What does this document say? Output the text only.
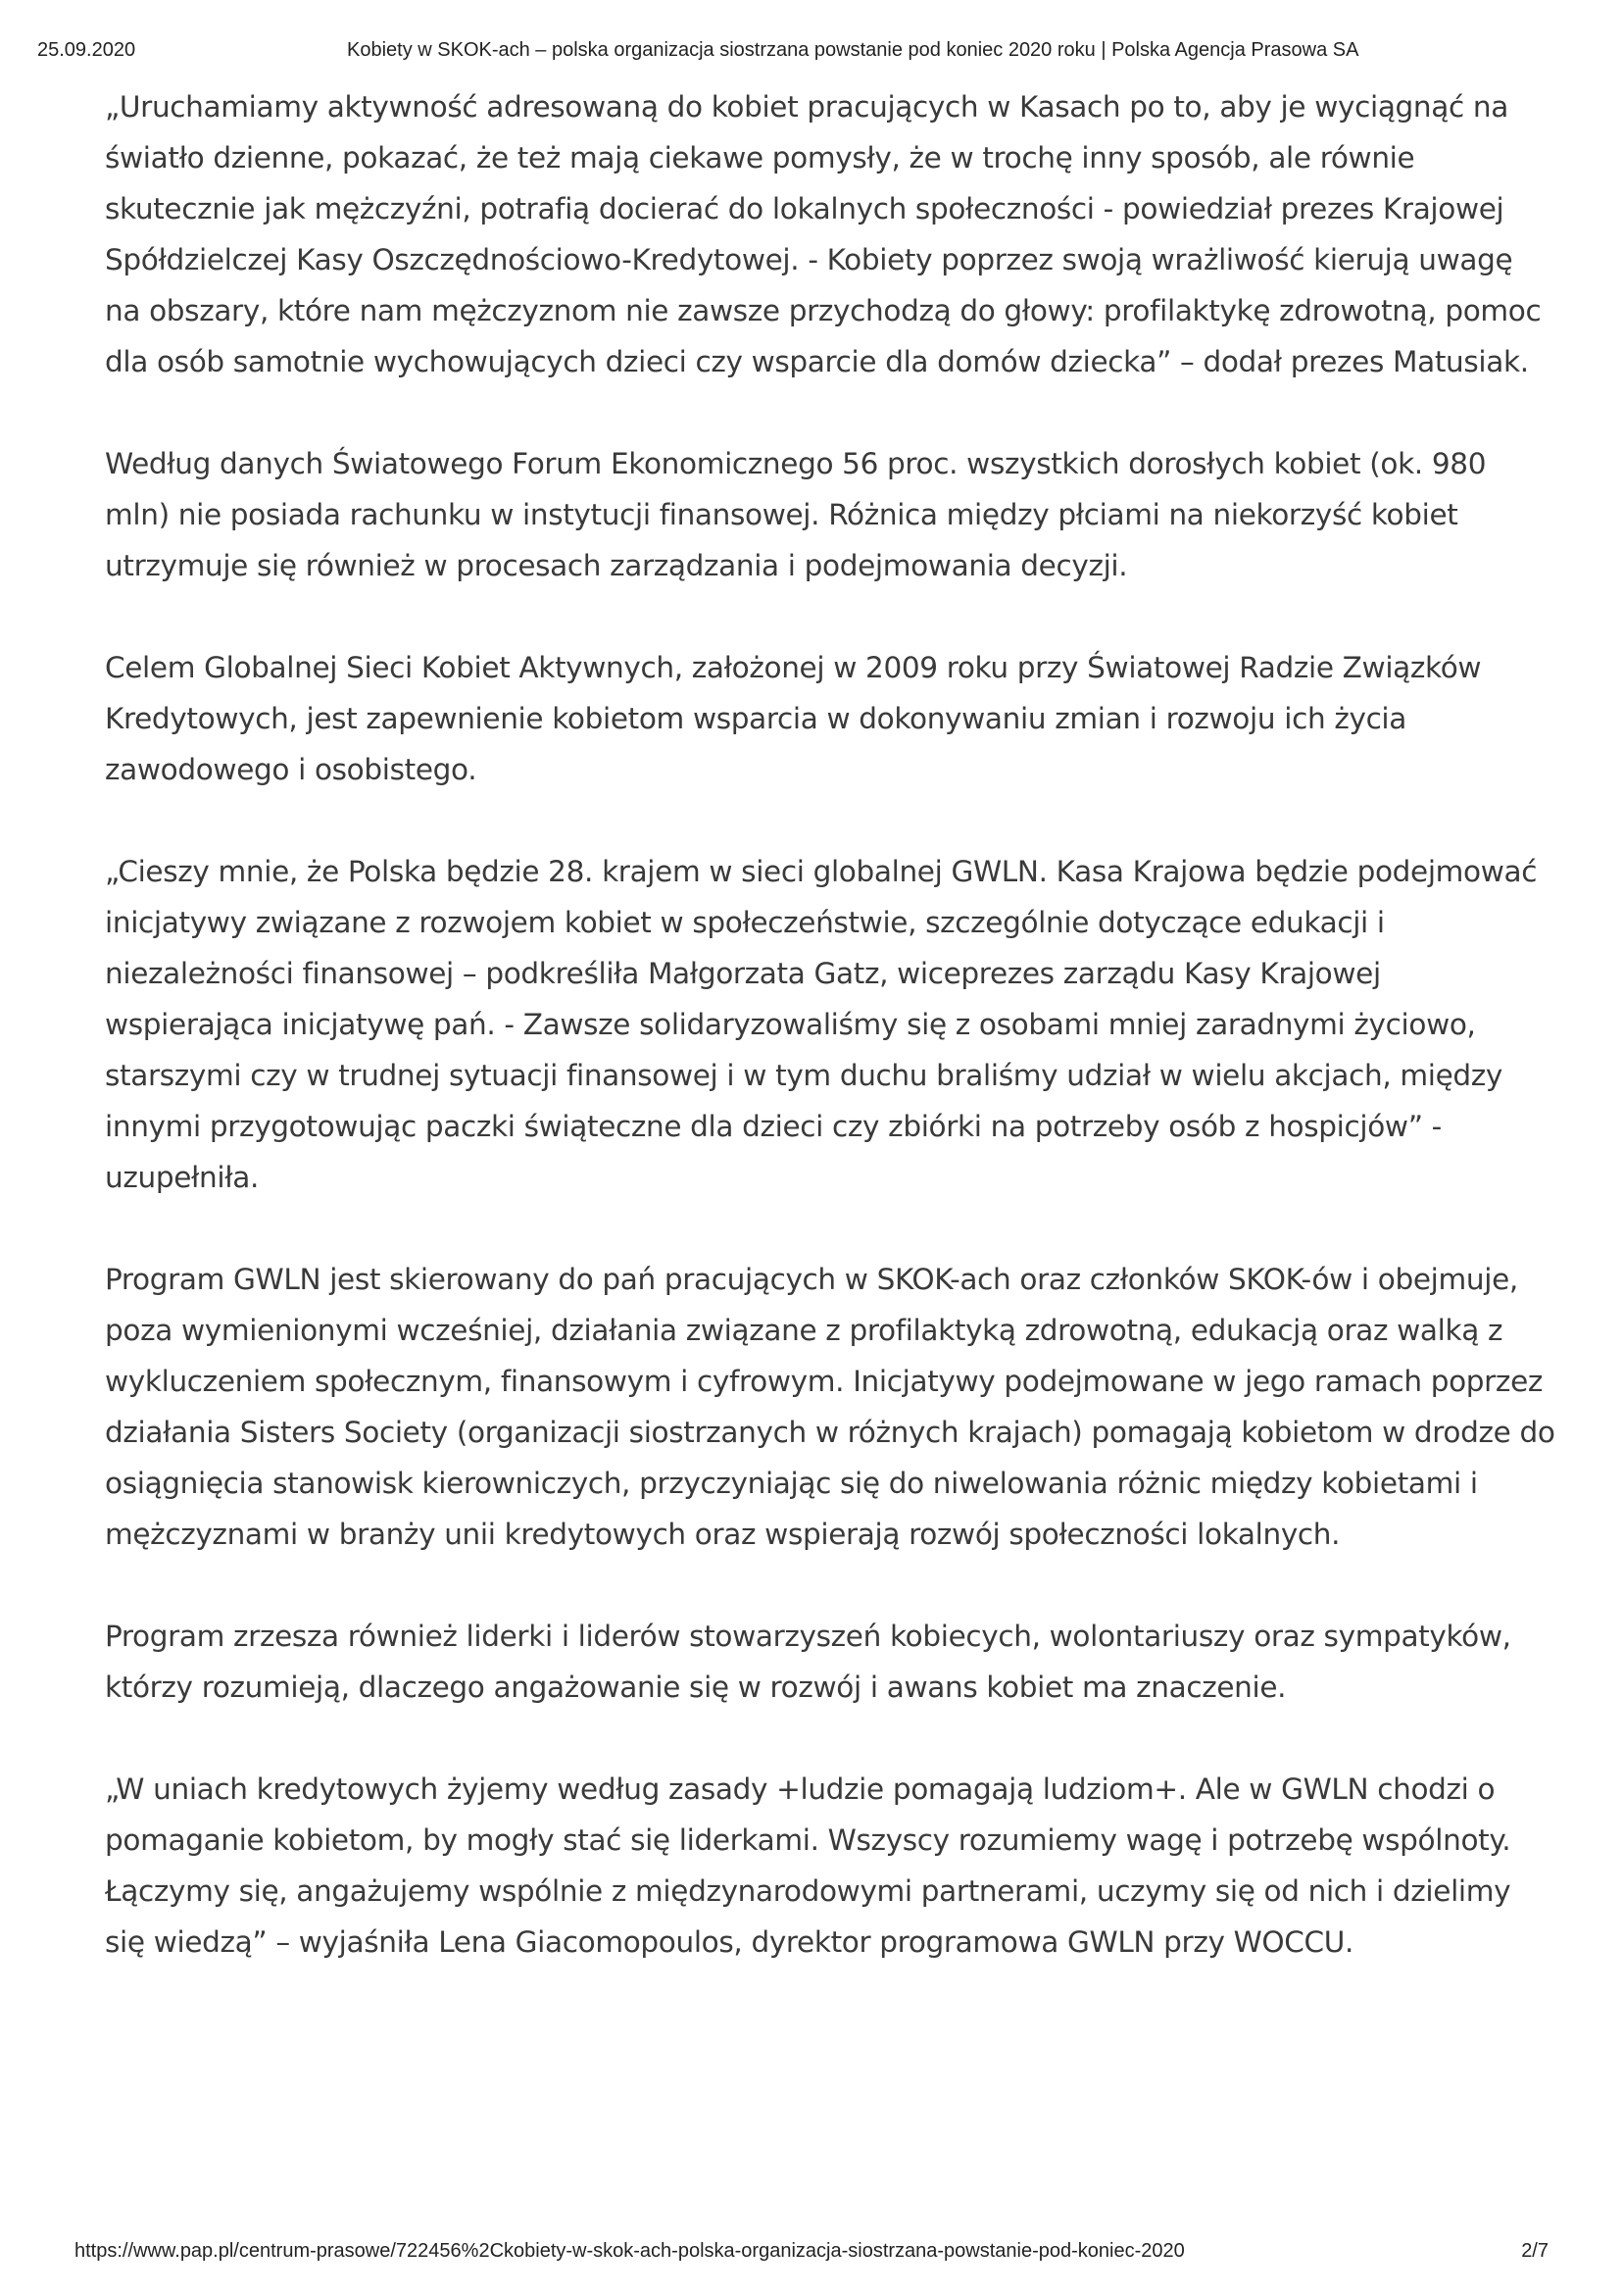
25.09.2020	Kobiety w SKOK-ach – polska organizacja siostrzana powstanie pod koniec 2020 roku | Polska Agencja Prasowa SA

„Uruchamiamy aktywność adresowaną do kobiet pracujących w Kasach po to, aby je wyciągnąć na światło dzienne, pokazać, że też mają ciekawe pomysły, że w trochę inny sposób, ale równie skutecznie jak mężczyźni, potrafią docierać do lokalnych społeczności - powiedział prezes Krajowej Spółdzielczej Kasy Oszczędnościowo-Kredytowej. - Kobiety poprzez swoją wrażliwość kierują uwagę na obszary, które nam mężczyznom nie zawsze przychodzą do głowy: profilaktykę zdrowotną, pomoc dla osób samotnie wychowujących dzieci czy wsparcie dla domów dziecka” – dodał prezes Matusiak.

Według danych Światowego Forum Ekonomicznego 56 proc. wszystkich dorosłych kobiet (ok. 980 mln) nie posiada rachunku w instytucji finansowej. Różnica między płciami na niekorzyść kobiet utrzymuje się również w procesach zarządzania i podejmowania decyzji.

Celem Globalnej Sieci Kobiet Aktywnych, założonej w 2009 roku przy Światowej Radzie Związków Kredytowych, jest zapewnienie kobietom wsparcia w dokonywaniu zmian i rozwoju ich życia zawodowego i osobistego.

„Cieszy mnie, że Polska będzie 28. krajem w sieci globalnej GWLN. Kasa Krajowa będzie podejmować inicjatywy związane z rozwojem kobiet w społeczeństwie, szczególnie dotyczące edukacji i niezależności finansowej – podkreśliła Małgorzata Gatz, wiceprezes zarządu Kasy Krajowej wspierająca inicjatywę pań. - Zawsze solidaryzowaliśmy się z osobami mniej zaradnymi życiowo, starszymi czy w trudnej sytuacji finansowej i w tym duchu braliśmy udział w wielu akcjach, między innymi przygotowując paczki świąteczne dla dzieci czy zbiórki na potrzeby osób z hospicjów” - uzupełniła.

Program GWLN jest skierowany do pań pracujących w SKOK-ach oraz członków SKOK-ów i obejmuje, poza wymienionymi wcześniej, działania związane z profilaktyką zdrowotną, edukacją oraz walką z wykluczeniem społecznym, finansowym i cyfrowym. Inicjatywy podejmowane w jego ramach poprzez działania Sisters Society (organizacji siostrzanych w różnych krajach) pomagają kobietom w drodze do osiągnięcia stanowisk kierowniczych, przyczyniając się do niwelowania różnic między kobietami i mężczyznami w branży unii kredytowych oraz wspierają rozwój społeczności lokalnych.

Program zrzesza również liderki i liderów stowarzyszeń kobiecych, wolontariuszy oraz sympatyków, którzy rozumieją, dlaczego angażowanie się w rozwój i awans kobiet ma znaczenie.

„W uniach kredytowych żyjemy według zasady +ludzie pomagają ludziom+. Ale w GWLN chodzi o pomaganie kobietom, by mogły stać się liderkami. Wszyscy rozumiemy wagę i potrzebę wspólnoty. Łączymy się, angażujemy wspólnie z międzynarodowymi partnerami, uczymy się od nich i dzielimy się wiedzą” – wyjaśniła Lena Giacomopoulos, dyrektor programowa GWLN przy WOCCU.

https://www.pap.pl/centrum-prasowe/722456%2Ckobiety-w-skok-ach-polska-organizacja-siostrzana-powstanie-pod-koniec-2020	2/7
